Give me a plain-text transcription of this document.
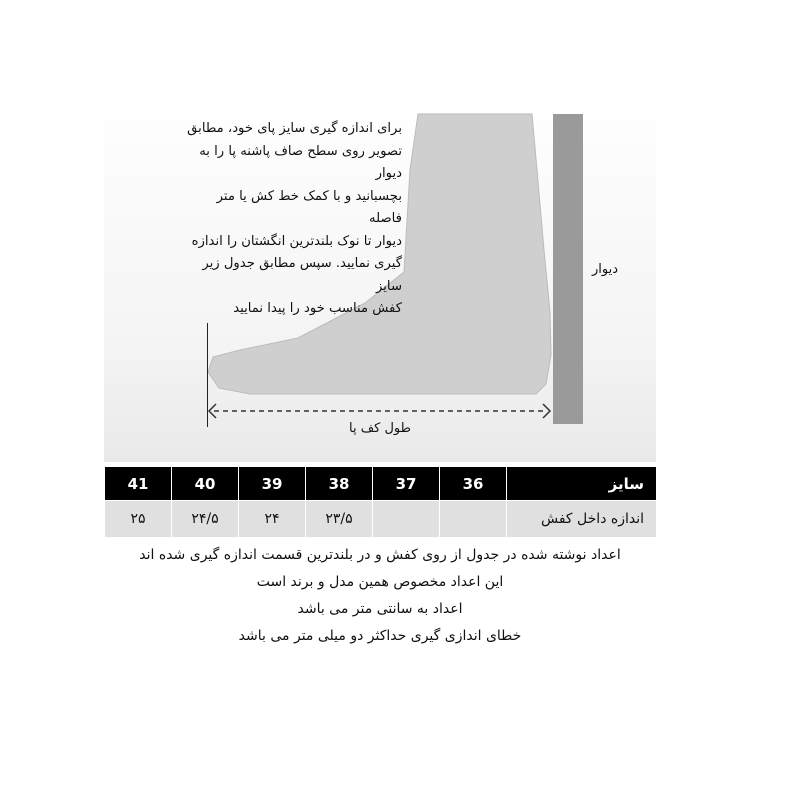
دیوار
برای اندازه گیری سایز پای خود، مطابق
تصویر روی سطح صاف پاشنه پا را به دیوار
بچسبانید و با کمک خط کش یا متر فاصله
دیوار تا نوک بلندترین انگشتان را اندازه
گیری نمایید. سپس مطابق جدول زیر سایز
کفش مناسب خود را پیدا نمایید
طول کف پا
41	40	39	38	37	36	سایز
۲۵	۲۴/۵	۲۴	۲۳/۵			اندازه داخل کفش
اعداد نوشته شده در جدول از روی کفش و در بلندترین قسمت اندازه گیری شده اند
این اعداد مخصوص همین مدل و برند است
اعداد به سانتی متر می باشد
خطای اندازی گیری حداکثر دو میلی متر می باشد
